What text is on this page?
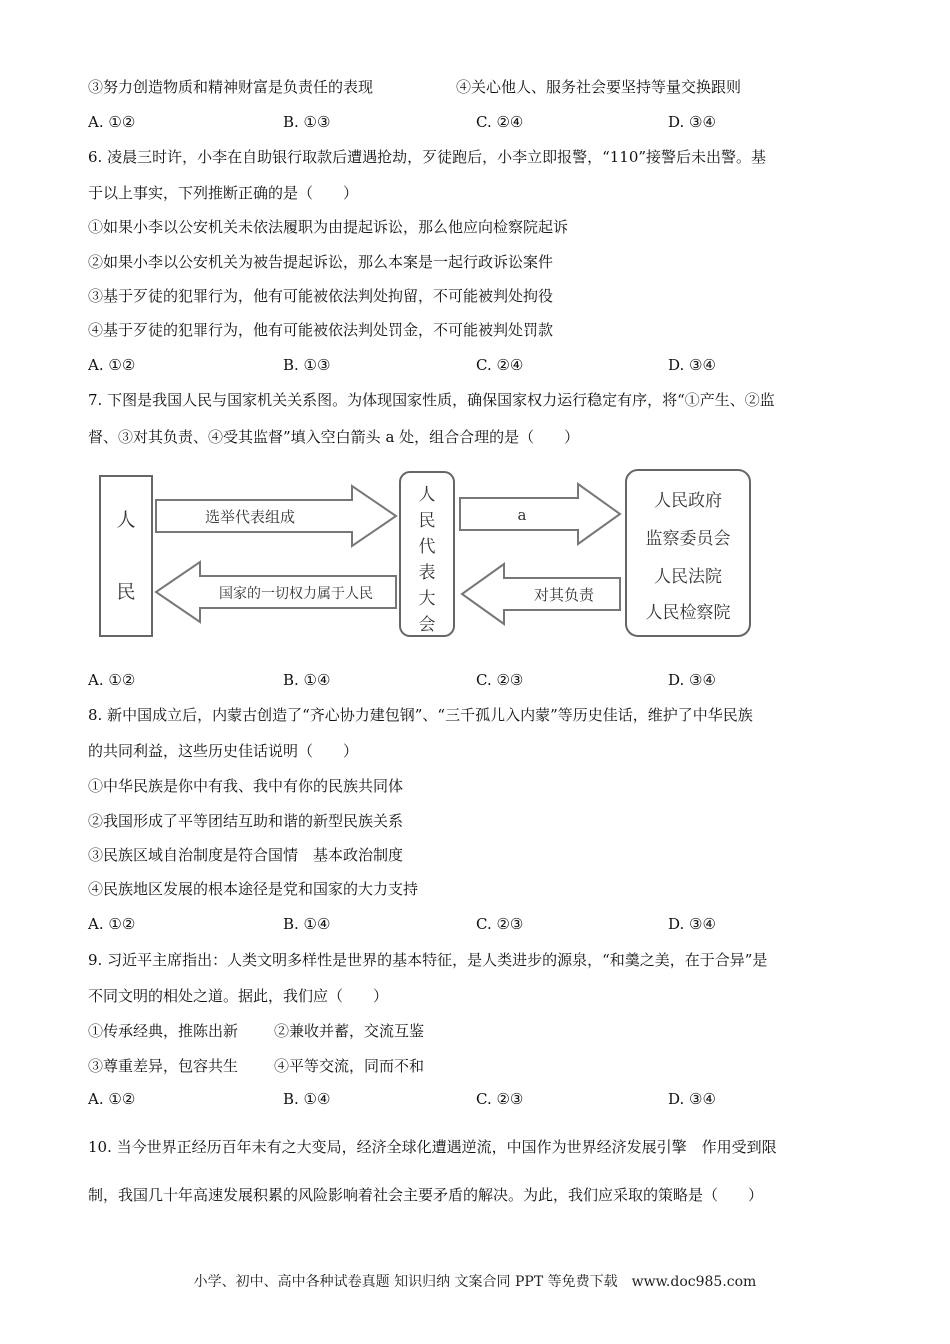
③努力创造物质和精神财富是负责任的表现	④关心他人、服务社会要坚持等量交换跟则
A. ①②	B. ①③	C. ②④	D. ③④
6. 凌晨三时许，小李在自助银行取款后遭遇抢劫，歹徒跑后，小李立即报警，“110”接警后未出警。基
于以上事实，下列推断正确的是（　　）
①如果小李以公安机关未依法履职为由提起诉讼，那么他应向检察院起诉
②如果小李以公安机关为被告提起诉讼，那么本案是一起行政诉讼案件
③基于歹徒的犯罪行为，他有可能被依法判处拘留，不可能被判处拘役
④基于歹徒的犯罪行为，他有可能被依法判处罚金，不可能被判处罚款
A. ①②	B. ①③	C. ②④	D. ③④
7. 下图是我国人民与国家机关关系图。为体现国家性质，确保国家权力运行稳定有序，将“①产生、②监
督、③对其负责、④受其监督”填入空白箭头 a 处，组合合理的是（　　）
人
民
选举代表组成
国家的一切权力属于人民
人
民
代
表
大
会
a
对其负责
人民政府
监察委员会
人民法院
人民检察院
A. ①②	B. ①④	C. ②③	D. ③④
8. 新中国成立后，内蒙古创造了“齐心协力建包钢”、“三千孤儿入内蒙”等历史佳话，维护了中华民族
的共同利益，这些历史佳话说明（　　）
①中华民族是你中有我、我中有你的民族共同体
②我国形成了平等团结互助和谐的新型民族关系
③民族区域自治制度是符合国情　基本政治制度
④民族地区发展的根本途径是党和国家的大力支持
A. ①②	B. ①④	C. ②③	D. ③④
9. 习近平主席指出：人类文明多样性是世界的基本特征，是人类进步的源泉，“和羹之美，在于合异”是
不同文明的相处之道。据此，我们应（　　）
①传承经典，推陈出新 ②兼收并蓄，交流互鉴
③尊重差异，包容共生 ④平等交流，同而不和
A. ①②	B. ①④	C. ②③	D. ③④
10. 当今世界正经历百年未有之大变局，经济全球化遭遇逆流，中国作为世界经济发展引擎　作用受到限
制，我国几十年高速发展积累的风险影响着社会主要矛盾的解决。为此，我们应采取的策略是（　　）
小学、初中、高中各种试卷真题 知识归纳 文案合同 PPT 等免费下载　www.doc985.com
